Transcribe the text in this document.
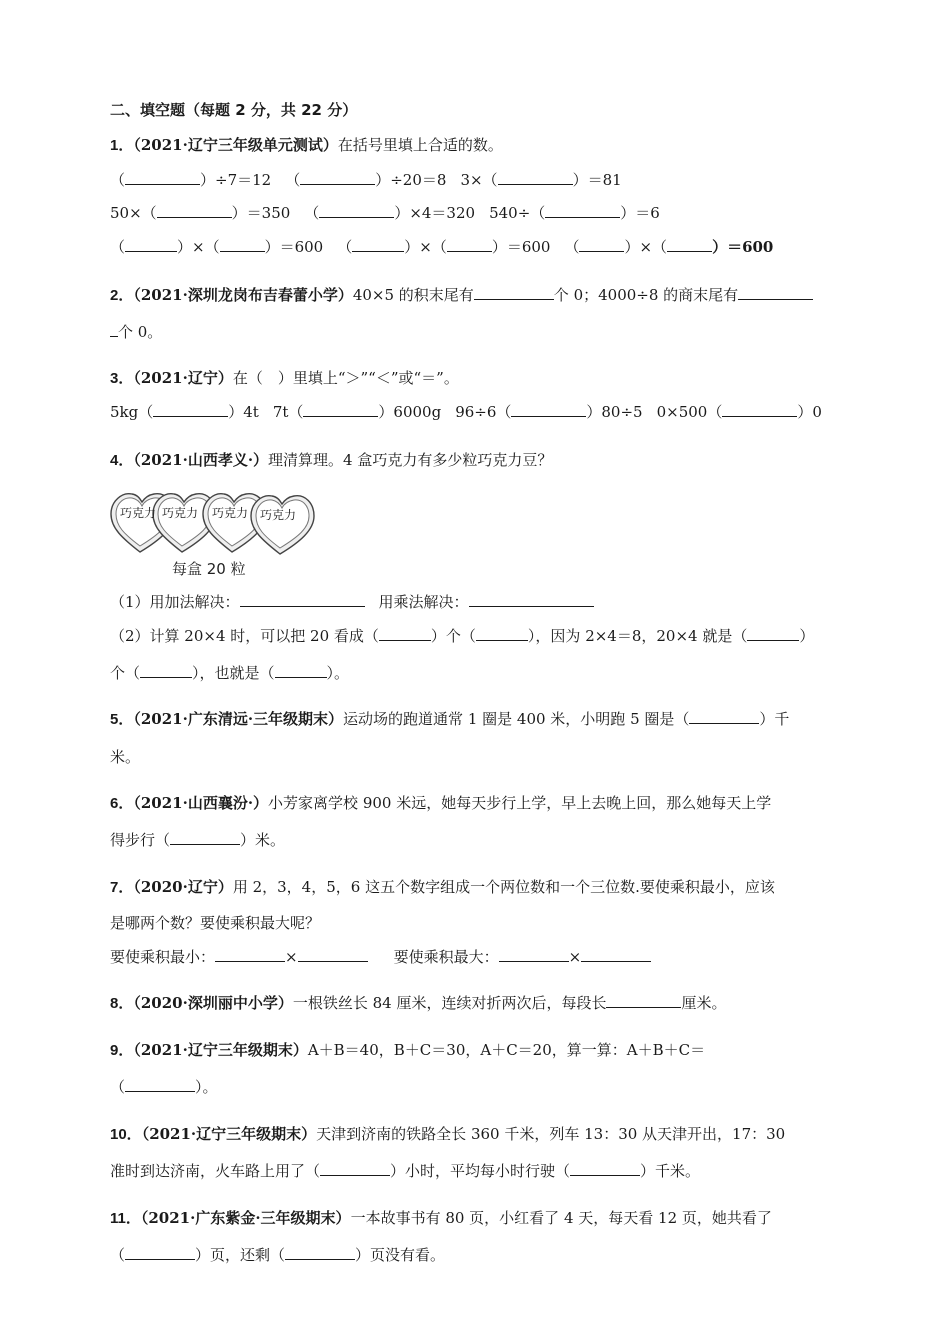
二、填空题（每题 2 分，共 22 分）
1．（2021·辽宁三年级单元测试）在括号里填上合适的数。
（	）÷7＝12 （	）÷20＝8 3×（	）＝81
50×（	）＝350 （	）×4＝320 540÷（	）＝6
（	）×（	）＝600 （	）×（	）＝600 （	）×（	）＝600
2．（2021·深圳龙岗布吉春蕾小学）40×5 的积末尾有	个 0；4000÷8 的商末尾有
个 0。
3．（2021·辽宁）在（　）里填上“＞”“＜”或“＝”。
5kg（	）4t 7t（	）6000g 96÷6（	）80÷5 0×500（	）0
4．（2021·山西孝义·）理清算理。4 盒巧克力有多少粒巧克力豆？
巧克力 巧克力 巧克力 巧克力
每盒 20 粒
（1）用加法解决：	用乘法解决：
（2）计算 20×4 时，可以把 20 看成（	）个（	），因为 2×4＝8，20×4 就是（	）
个（	），也就是（	）。
5．（2021·广东清远·三年级期末）运动场的跑道通常 1 圈是 400 米，小明跑 5 圈是（	）千
米。
6．（2021·山西襄汾·）小芳家离学校 900 米远，她每天步行上学，早上去晚上回，那么她每天上学
得步行（	）米。
7．（2020·辽宁）用 2，3，4，5，6 这五个数字组成一个两位数和一个三位数.要使乘积最小，应该
是哪两个数？要使乘积最大呢？
要使乘积最小：	×	要使乘积最大：	×
8．（2020·深圳丽中小学）一根铁丝长 84 厘米，连续对折两次后，每段长	厘米。
9．（2021·辽宁三年级期末）A＋B＝40，B＋C＝30，A＋C＝20，算一算：A＋B＋C＝
（	）。
10．（2021·辽宁三年级期末）天津到济南的铁路全长 360 千米，列车 13：30 从天津开出，17：30
准时到达济南，火车路上用了（	）小时，平均每小时行驶（	）千米。
11．（2021·广东紫金·三年级期末）一本故事书有 80 页，小红看了 4 天，每天看 12 页，她共看了
（	）页，还剩（	）页没有看。
